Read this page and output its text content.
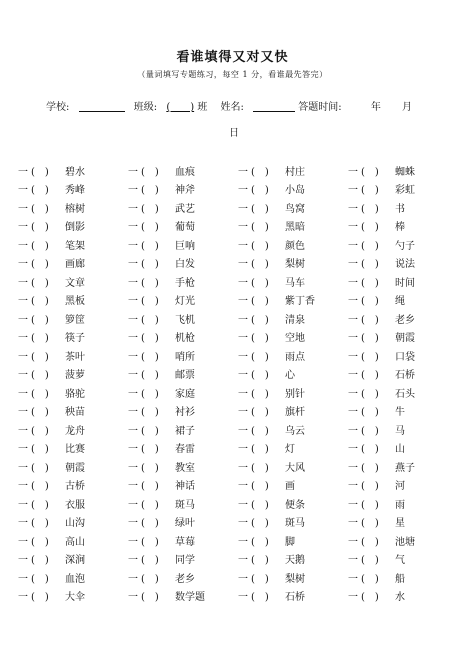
看谁填得又对又快
（量词填写专题练习，每空 1 分，看谁最先答完）
学校:	班级: (　　) 班 姓名:	答题时间:	年 月
日
一 (　)	碧水	一 (　)	血痕	一 (　)	村庄	一 (　)	蜘蛛
一 (　)	秀峰	一 (　)	神斧	一 (　)	小岛	一 (　)	彩虹
一 (　)	榕树	一 (　)	武艺	一 (　)	鸟窝	一 (　)	书
一 (　)	倒影	一 (　)	葡萄	一 (　)	黑暗	一 (　)	棒
一 (　)	笔架	一 (　)	巨响	一 (　)	颜色	一 (　)	勺子
一 (　)	画廊	一 (　)	白发	一 (　)	梨树	一 (　)	说法
一 (　)	文章	一 (　)	手枪	一 (　)	马车	一 (　)	时间
一 (　)	黑板	一 (　)	灯光	一 (　)	紫丁香	一 (　)	绳
一 (　)	箩筐	一 (　)	飞机	一 (　)	清泉	一 (　)	老乡
一 (　)	筷子	一 (　)	机枪	一 (　)	空地	一 (　)	朝霞
一 (　)	茶叶	一 (　)	哨所	一 (　)	雨点	一 (　)	口袋
一 (　)	菠萝	一 (　)	邮票	一 (　)	心	一 (　)	石桥
一 (　)	骆驼	一 (　)	家庭	一 (　)	别针	一 (　)	石头
一 (　)	秧苗	一 (　)	衬衫	一 (　)	旗杆	一 (　)	牛
一 (　)	龙舟	一 (　)	裙子	一 (　)	乌云	一 (　)	马
一 (　)	比赛	一 (　)	春雷	一 (　)	灯	一 (　)	山
一 (　)	朝霞	一 (　)	教室	一 (　)	大风	一 (　)	燕子
一 (　)	古桥	一 (　)	神话	一 (　)	画	一 (　)	河
一 (　)	衣服	一 (　)	斑马	一 (　)	便条	一 (　)	雨
一 (　)	山沟	一 (　)	绿叶	一 (　)	斑马	一 (　)	星
一 (　)	高山	一 (　)	草莓	一 (　)	脚	一 (　)	池塘
一 (　)	深涧	一 (　)	同学	一 (　)	天鹅	一 (　)	气
一 (　)	血泡	一 (　)	老乡	一 (　)	梨树	一 (　)	船
一 (　)	大伞	一 (　)	数学题	一 (　)	石桥	一 (　)	水
